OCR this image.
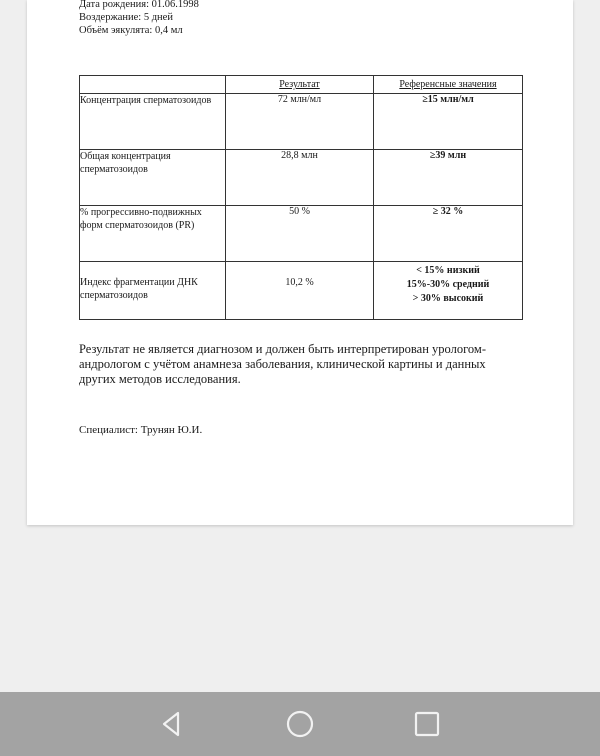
Дата рождения: 01.06.1998
Воздержание: 5 дней
Объём эякулята: 0,4 мл
	Результат	Референсные значения
Концентрация сперматозоидов	72 млн/мл	≥15 млн/мл
Общая концентрация сперматозоидов	28,8 млн	≥39 млн
% прогрессивно-подвижных форм сперматозоидов (PR)	50 %	≥ 32 %
Индекс фрагментации ДНК сперматозоидов	10,2 %	< 15% низкий
15%-30% средний
> 30% высокий
Результат не является диагнозом и должен быть интерпретирован урологом-андрологом с учётом анамнеза заболевания, клинической картины и данных других методов исследования.
Специалист: Трунян Ю.И.
